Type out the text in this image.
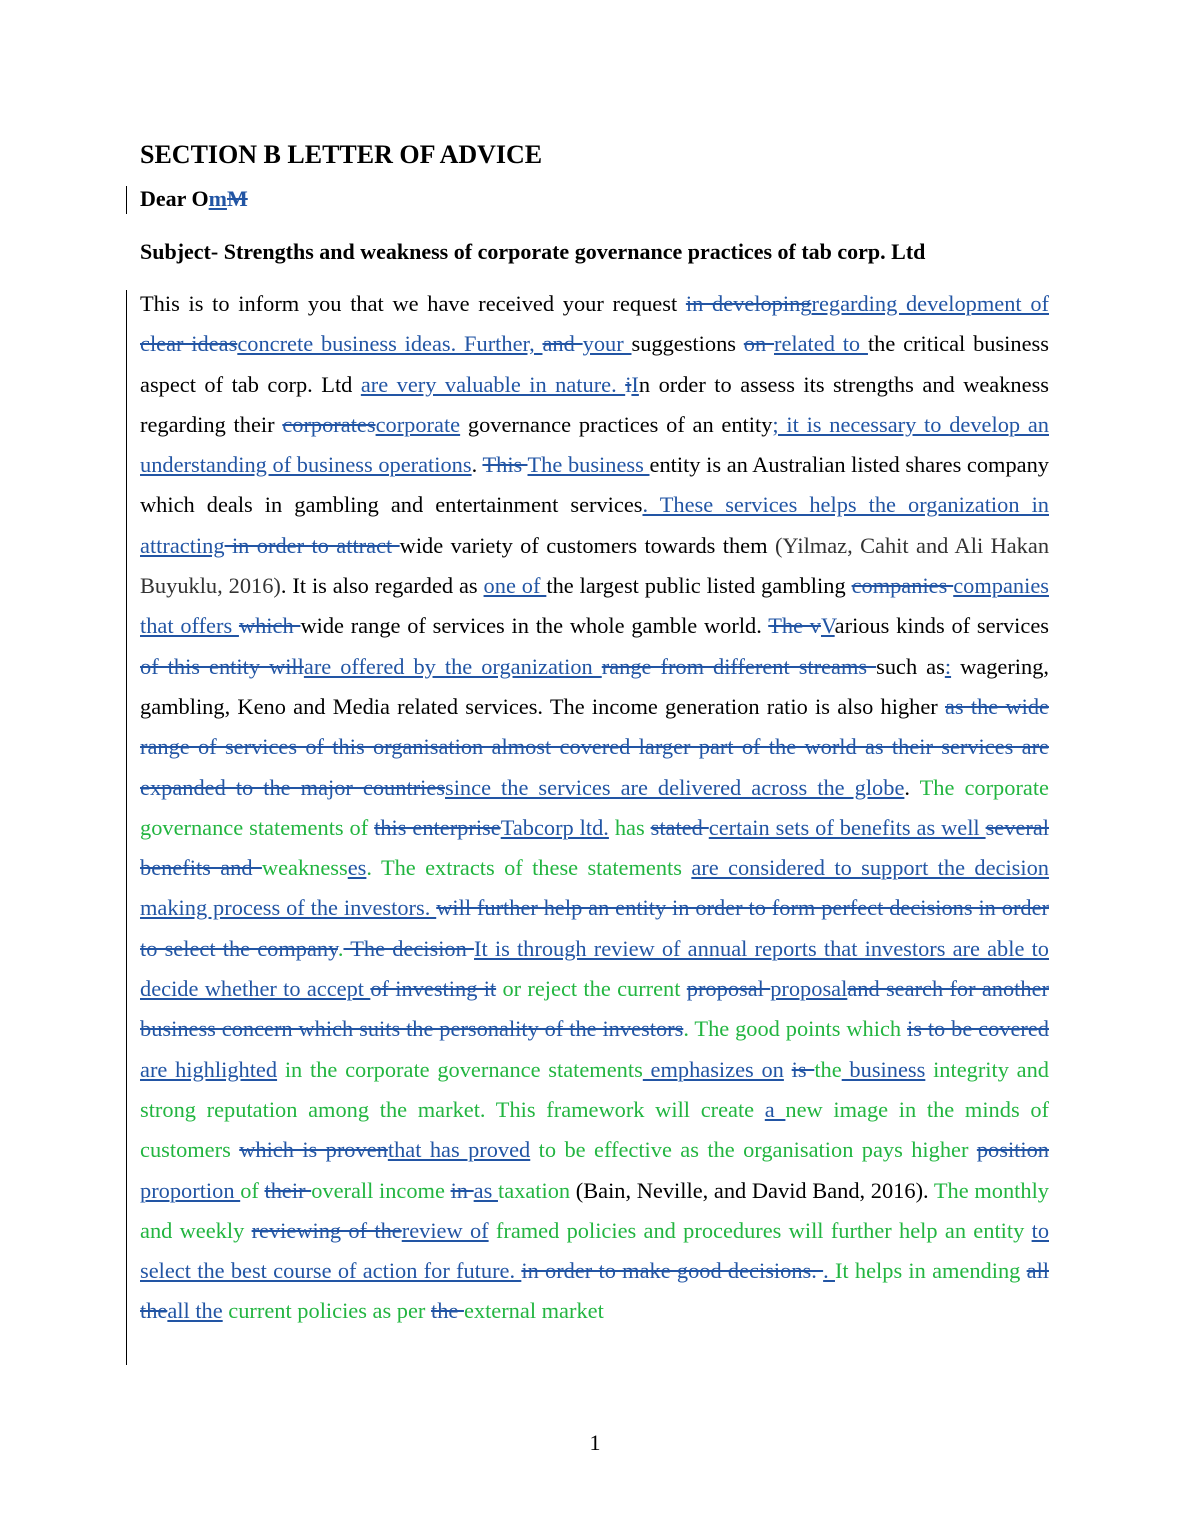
SECTION B LETTER OF ADVICE

Dear OmM

Subject- Strengths and weakness of corporate governance practices of tab corp. Ltd

This is to inform you that we have received your request in developingregarding development of clear ideasconcrete business ideas. Further, and your suggestions on related to the critical business aspect of tab corp. Ltd are very valuable in nature. iIn order to assess its strengths and weakness regarding their corporatescorporate governance practices of an entity; it is necessary to develop an understanding of business operations. This The business entity is an Australian listed shares company which deals in gambling and entertainment services. These services helps the organization in attracting in order to attract wide variety of customers towards them (Yilmaz, Cahit and Ali Hakan Buyuklu, 2016). It is also regarded as one of the largest public listed gambling companies companies that offers which wide range of services in the whole gamble world. The vVarious kinds of services of this entity willare offered by the organization range from different streams such as: wagering, gambling, Keno and Media related services. The income generation ratio is also higher as the wide range of services of this organisation almost covered larger part of the world as their services are expanded to the major countriessince the services are delivered across the globe. The corporate governance statements of this enterpriseTabcorp ltd. has stated certain sets of benefits as well several benefits and weaknesses. The extracts of these statements are considered to support the decision making process of the investors. will further help an entity in order to form perfect decisions in order to select the company. The decision It is through review of annual reports that investors are able to decide whether to accept of investing it or reject the current proposal proposaland search for another business concern which suits the personality of the investors. The good points which is to be covered are highlighted in the corporate governance statements emphasizes on is the business integrity and strong reputation among the market. This framework will create a new image in the minds of customers which is proventhat has proved to be effective as the organisation pays higher position proportion of their overall income in as taxation (Bain, Neville, and David Band, 2016). The monthly and weekly reviewing of thereview of framed policies and procedures will further help an entity to select the best course of action for future. in order to make good decisions. . It helps in amending all theall the current policies as per the external market

1
